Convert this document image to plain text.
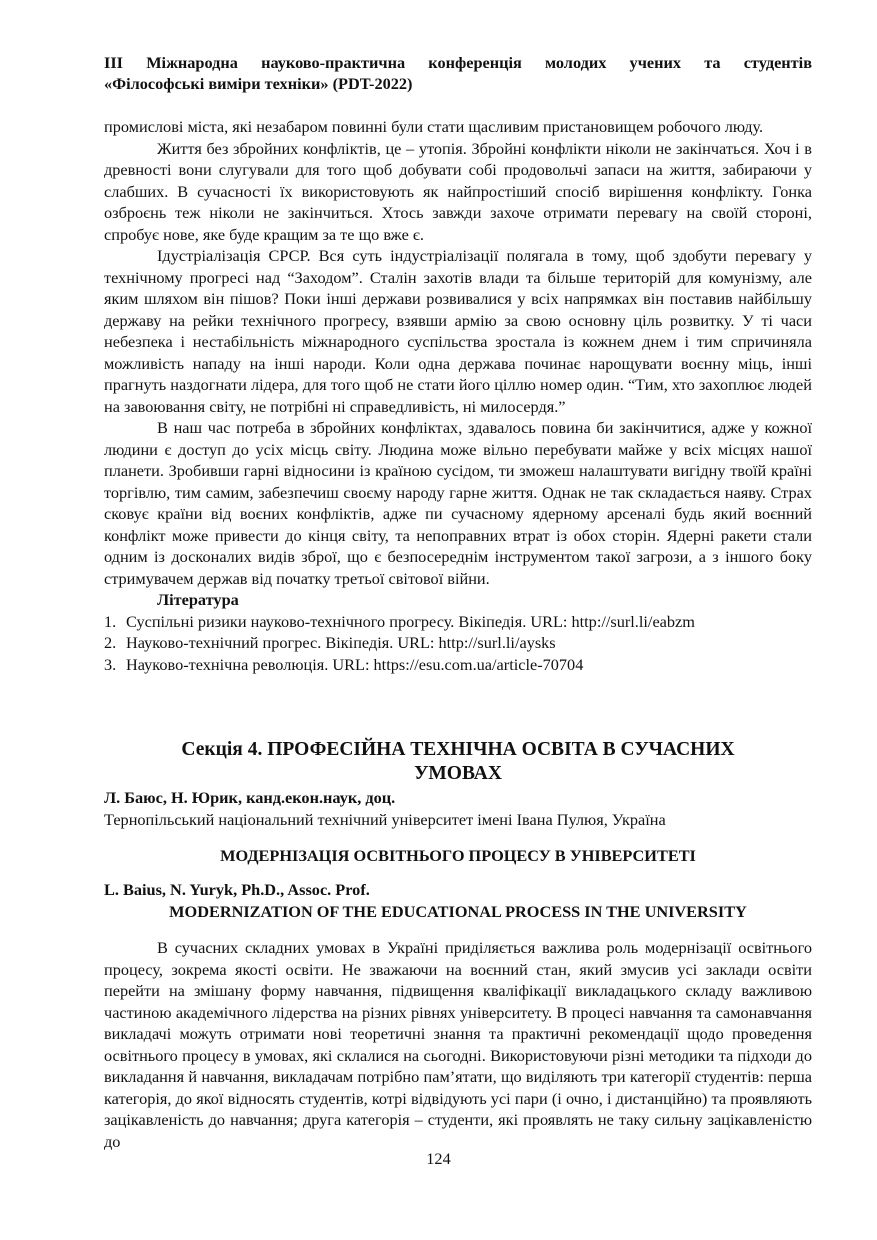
ІІІ Міжнародна науково-практична конференція молодих учених та студентів
«Філософські виміри техніки» (PDT-2022)

промислові міста, які незабаром повинні були стати щасливим пристановищем робочого люду.

Життя без збройних конфліктів, це – утопія. Збройні конфлікти ніколи не закінчаться. Хоч і в древності вони слугували для того щоб добувати собі продовольчі запаси на життя, забираючи у слабших. В сучасності їх використовують як найпростіший спосіб вирішення конфлікту. Гонка озброєнь теж ніколи не закінчиться. Хтось завжди захоче отримати перевагу на своїй стороні, спробує нове, яке буде кращим за те що вже є.

Ідустріалізація СРСР. Вся суть індустріалізації полягала в тому, щоб здобути перевагу у технічному прогресі над “Заходом”. Сталін захотів влади та більше територій для комунізму, але яким шляхом він пішов? Поки інші держави розвивалися у всіх напрямках він поставив найбільшу державу на рейки технічного прогресу, взявши армію за свою основну ціль розвитку. У ті часи небезпека і нестабільність міжнародного суспільства зростала із кожнем днем і тим спричиняла можливість нападу на інші народи. Коли одна держава починає нарощувати воєнну міць, інші прагнуть наздогнати лідера, для того щоб не стати його ціллю номер один. “Тим, хто захоплює людей на завоювання світу, не потрібні ні справедливість, ні милосердя.”

В наш час потреба в збройних конфліктах, здавалось повина би закінчитися, адже у кожної людини є доступ до усіх місць світу. Людина може вільно перебувати майже у всіх місцях нашої планети. Зробивши гарні відносини із країною сусідом, ти зможеш налаштувати вигідну твоїй країні торгівлю, тим самим, забезпечиш своєму народу гарне життя. Однак не так складається наяву. Страх сковує країни від воєних конфліктів, адже пи сучасному ядерному арсеналі будь який воєнний конфлікт може привести до кінця світу, та непоправних втрат із обох сторін. Ядерні ракети стали одним із досконалих видів зброї, що є безпосереднім інструментом такої загрози, а з іншого боку стримувачем держав від початку третьої світової війни.

Література
1. Суспільні ризики науково-технічного прогресу. Вікіпедія. URL: http://surl.li/eabzm
2. Науково-технічний прогрес. Вікіпедія. URL: http://surl.li/aysks
3. Науково-технічна революція. URL: https://esu.com.ua/article-70704
Секція 4. ПРОФЕСІЙНА ТЕХНІЧНА ОСВІТА В СУЧАСНИХ
УМОВАХ
Л. Баюс, Н. Юрик, канд.екон.наук, доц.
Тернопільський національний технічний університет імені Івана Пулюя, Україна
МОДЕРНІЗАЦІЯ ОСВІТНЬОГО ПРОЦЕСУ В УНІВЕРСИТЕТІ
L. Baius, N. Yuryk, Ph.D., Assoc. Prof.
MODERNIZATION OF THE EDUCATIONAL PROCESS IN THE UNIVERSITY

В сучасних складних умовах в Україні приділяється важлива роль модернізації освітнього процесу, зокрема якості освіти. Не зважаючи на воєнний стан, який змусив усі заклади освіти перейти на змішану форму навчання, підвищення кваліфікації викладацького складу важливою частиною академічного лідерства на різних рівнях університету. В процесі навчання та самонавчання викладачі можуть отримати нові теоретичні знання та практичні рекомендації щодо проведення освітнього процесу в умовах, які склалися на сьогодні. Використовуючи різні методики та підходи до викладання й навчання, викладачам потрібно пам’ятати, що виділяють три категорії студентів: перша категорія, до якої відносять студентів, котрі відвідують усі пари (і очно, і дистанційно) та проявляють зацікавленість до навчання; друга категорія – студенти, які проявлять не таку сильну зацікавленістю до

124
